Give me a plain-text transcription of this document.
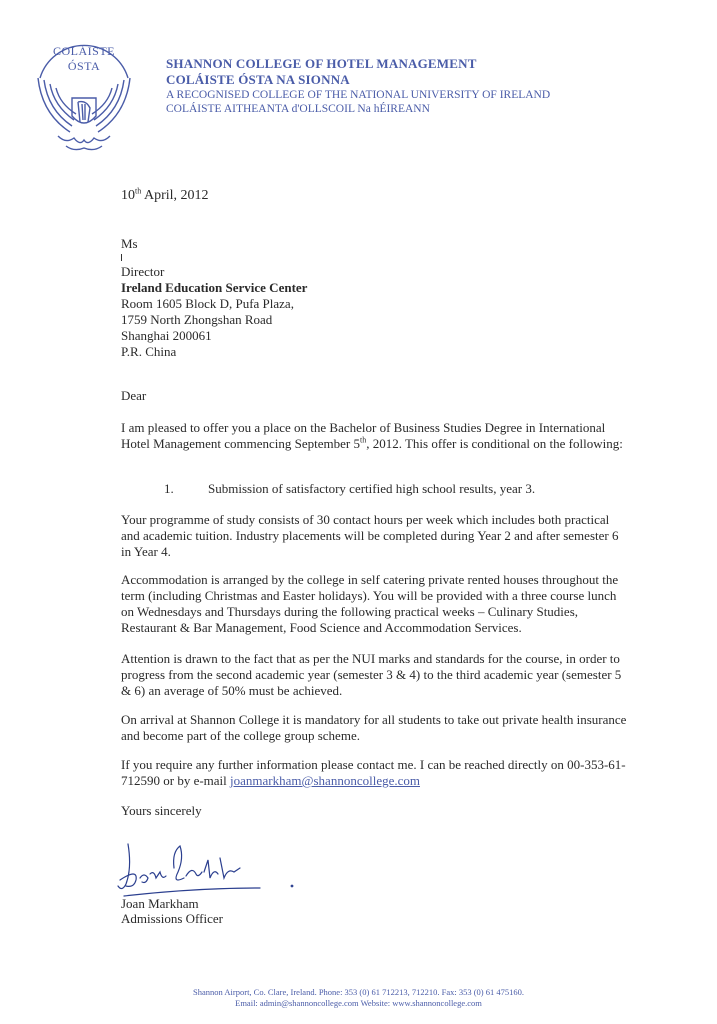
COLÁISTE
ÓSTA	SHANNON COLLEGE OF HOTEL MANAGEMENT
COLÁISTE ÓSTA NA SIONNA
A RECOGNISED COLLEGE OF THE NATIONAL UNIVERSITY OF IRELAND
COLÁISTE AITHEANTA d'OLLSCOIL Na hÉIREANN
10th April, 2012
Ms
Director
Ireland Education Service Center
Room 1605 Block D, Pufa Plaza,
1759 North Zhongshan Road
Shanghai 200061
P.R. China
Dear
I am pleased to offer you a place on the Bachelor of Business Studies Degree in International Hotel Management commencing September 5th, 2012. This offer is conditional on the following:
1.	Submission of satisfactory certified high school results, year 3.
Your programme of study consists of 30 contact hours per week which includes both practical and academic tuition. Industry placements will be completed during Year 2 and after semester 6 in Year 4.
Accommodation is arranged by the college in self catering private rented houses throughout the term (including Christmas and Easter holidays). You will be provided with a three course lunch on Wednesdays and Thursdays during the following practical weeks – Culinary Studies, Restaurant & Bar Management, Food Science and Accommodation Services.
Attention is drawn to the fact that as per the NUI marks and standards for the course, in order to progress from the second academic year (semester 3 & 4) to the third academic year (semester 5 & 6) an average of 50% must be achieved.
On arrival at Shannon College it is mandatory for all students to take out private health insurance and become part of the college group scheme.
If you require any further information please contact me. I can be reached directly on 00-353-61-712590 or by e-mail joanmarkham@shannoncollege.com
Yours sincerely
Joan Markham
Admissions Officer
Shannon Airport, Co. Clare, Ireland. Phone: 353 (0) 61 712213, 712210. Fax: 353 (0) 61 475160.
Email: admin@shannoncollege.com Website: www.shannoncollege.com
